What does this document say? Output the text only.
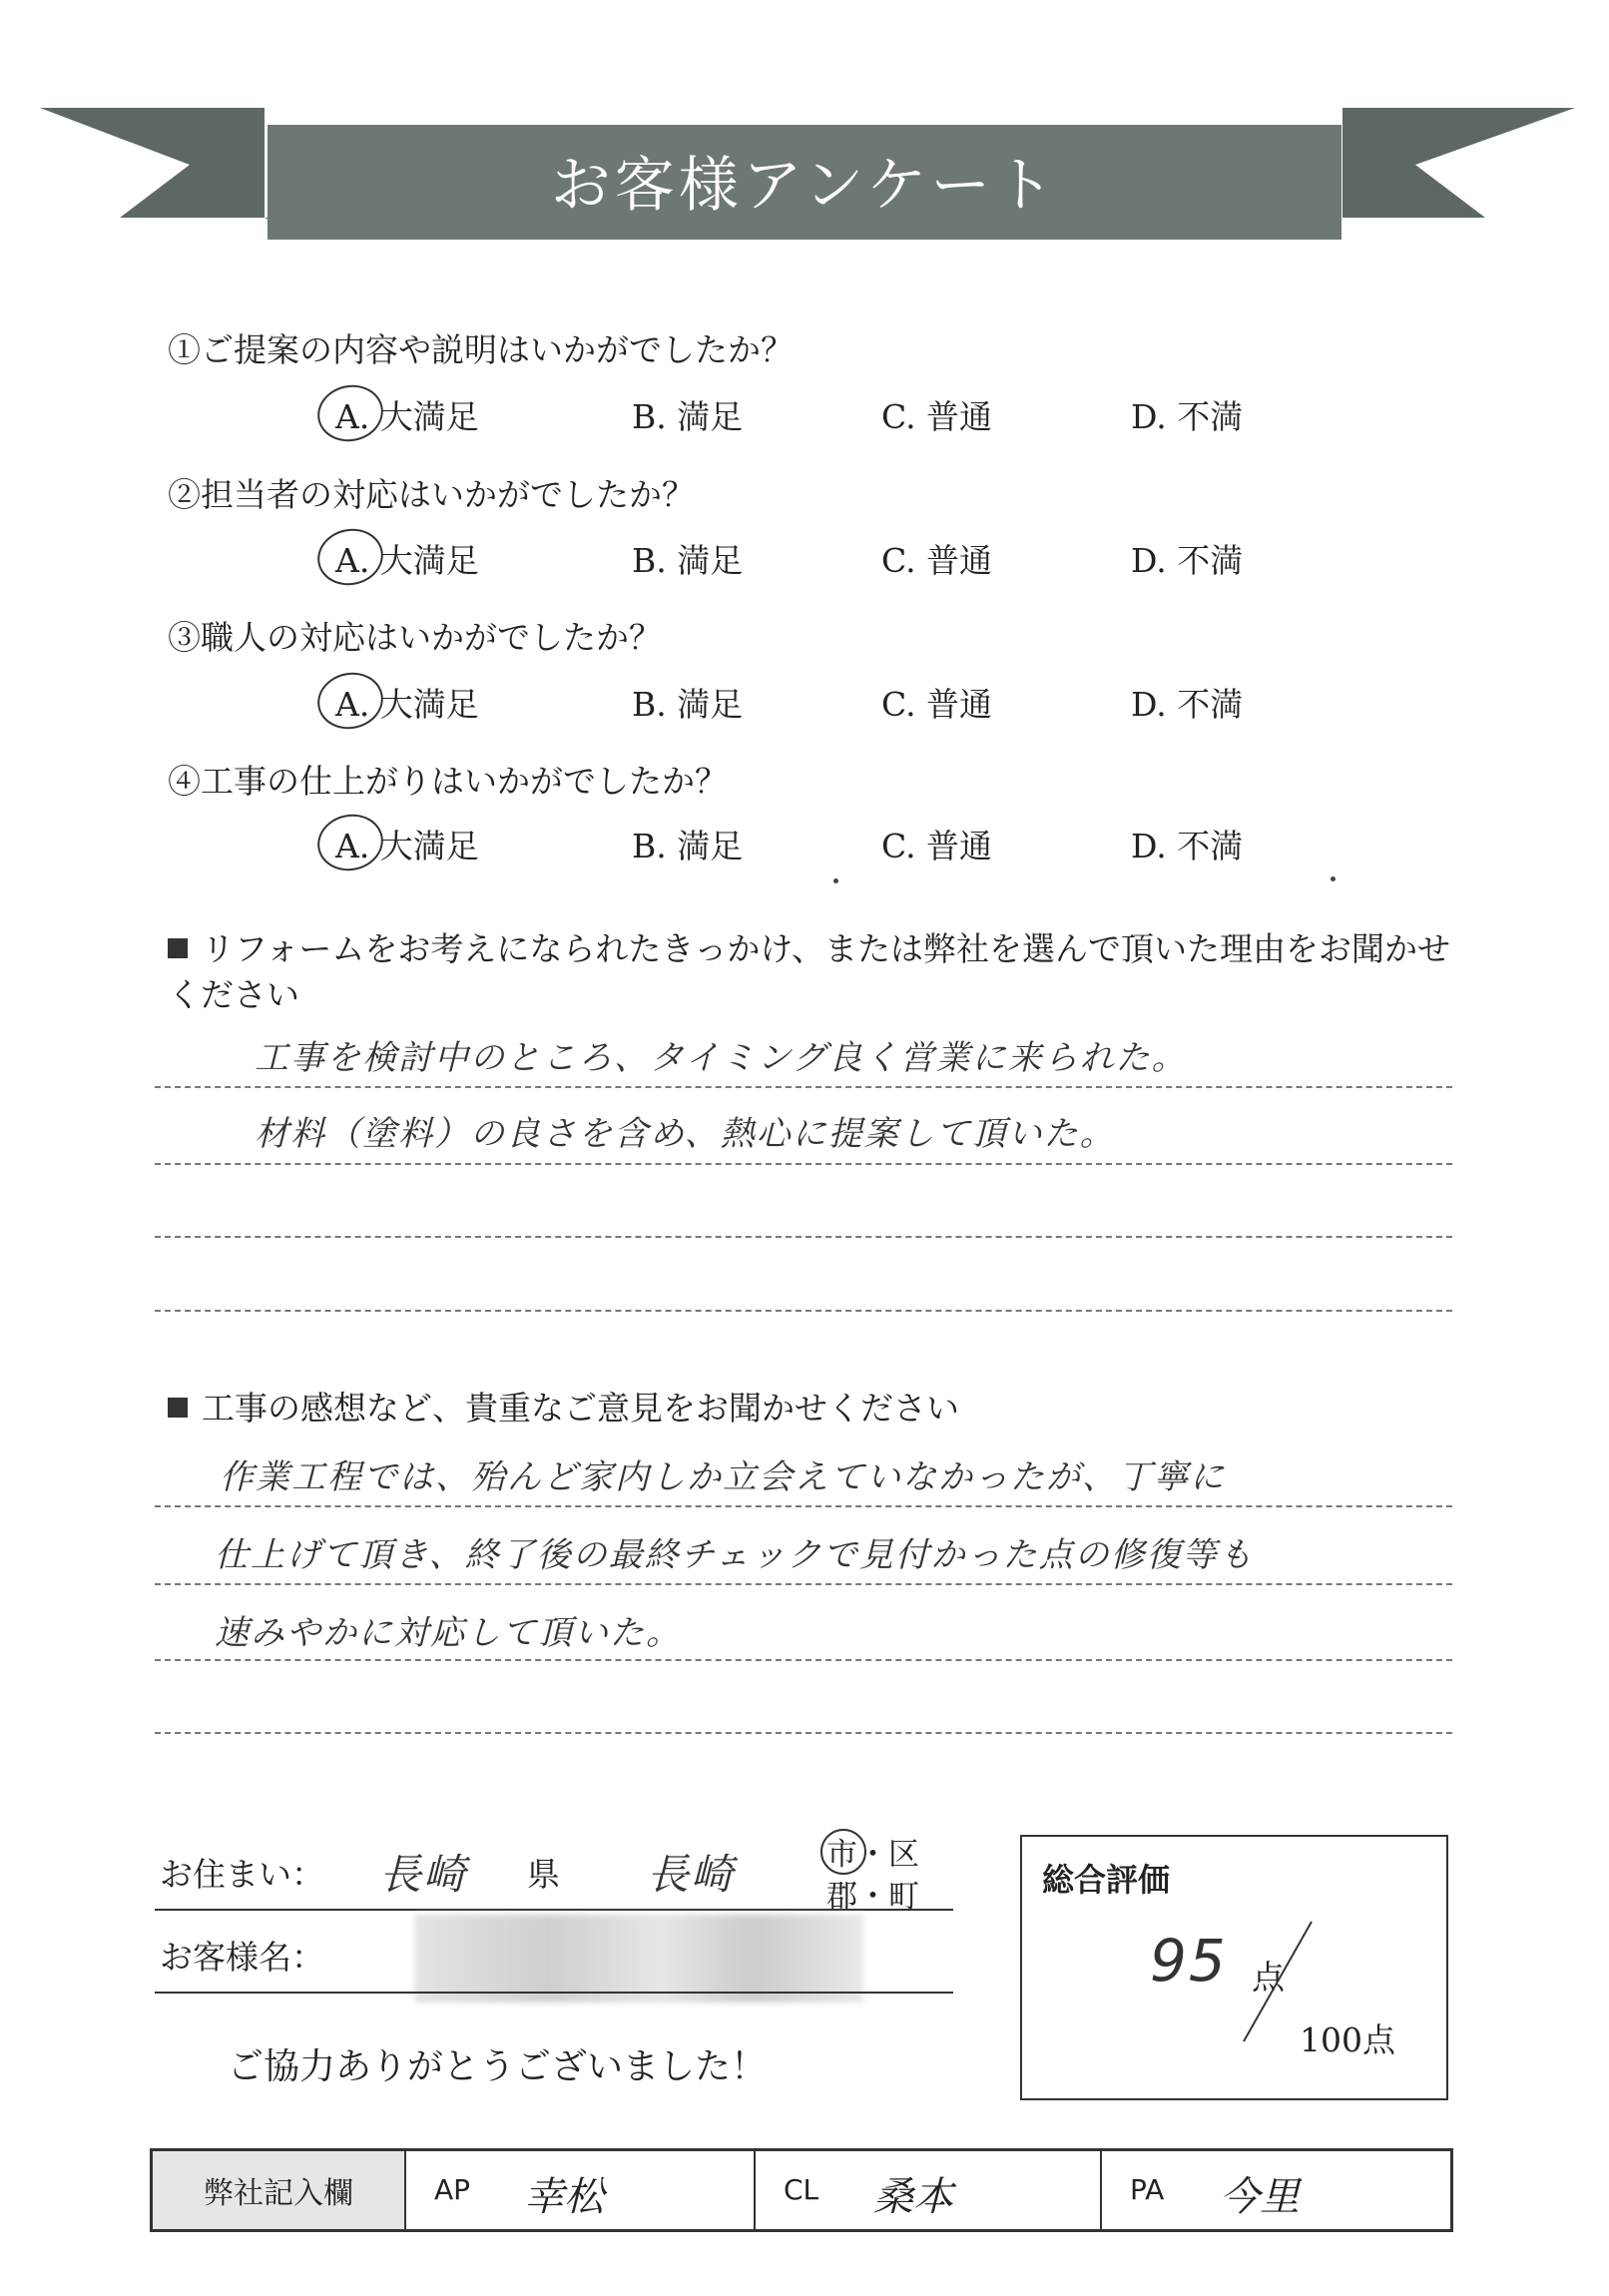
お客様アンケート
①ご提案の内容や説明はいかがでしたか？
A. 大満足	B. 満足	C. 普通	D. 不満
②担当者の対応はいかがでしたか？
A. 大満足	B. 満足	C. 普通	D. 不満
③職人の対応はいかがでしたか？
A. 大満足	B. 満足	C. 普通	D. 不満
④工事の仕上がりはいかがでしたか？
A. 大満足	B. 満足	C. 普通	D. 不満
リフォームをお考えになられたきっかけ、または弊社を選んで頂いた理由をお聞かせください
工事を検討中のところ、タイミング良く営業に来られた。
材料（塗料）の良さを含め、熱心に提案して頂いた。
工事の感想など、貴重なご意見をお聞かせください
作業工程では、殆んど家内しか立会えていなかったが、丁寧に
仕上げて頂き、終了後の最終チェックで見付かった点の修復等も
速みやかに対応して頂いた。
お住まい： 長崎 県 長崎	市・区
郡・町
お客様名：
ご協力ありがとうございました！
総合評価
95 点
100点
弊社記入欄	AP 幸松	CL 桑本	PA 今里
